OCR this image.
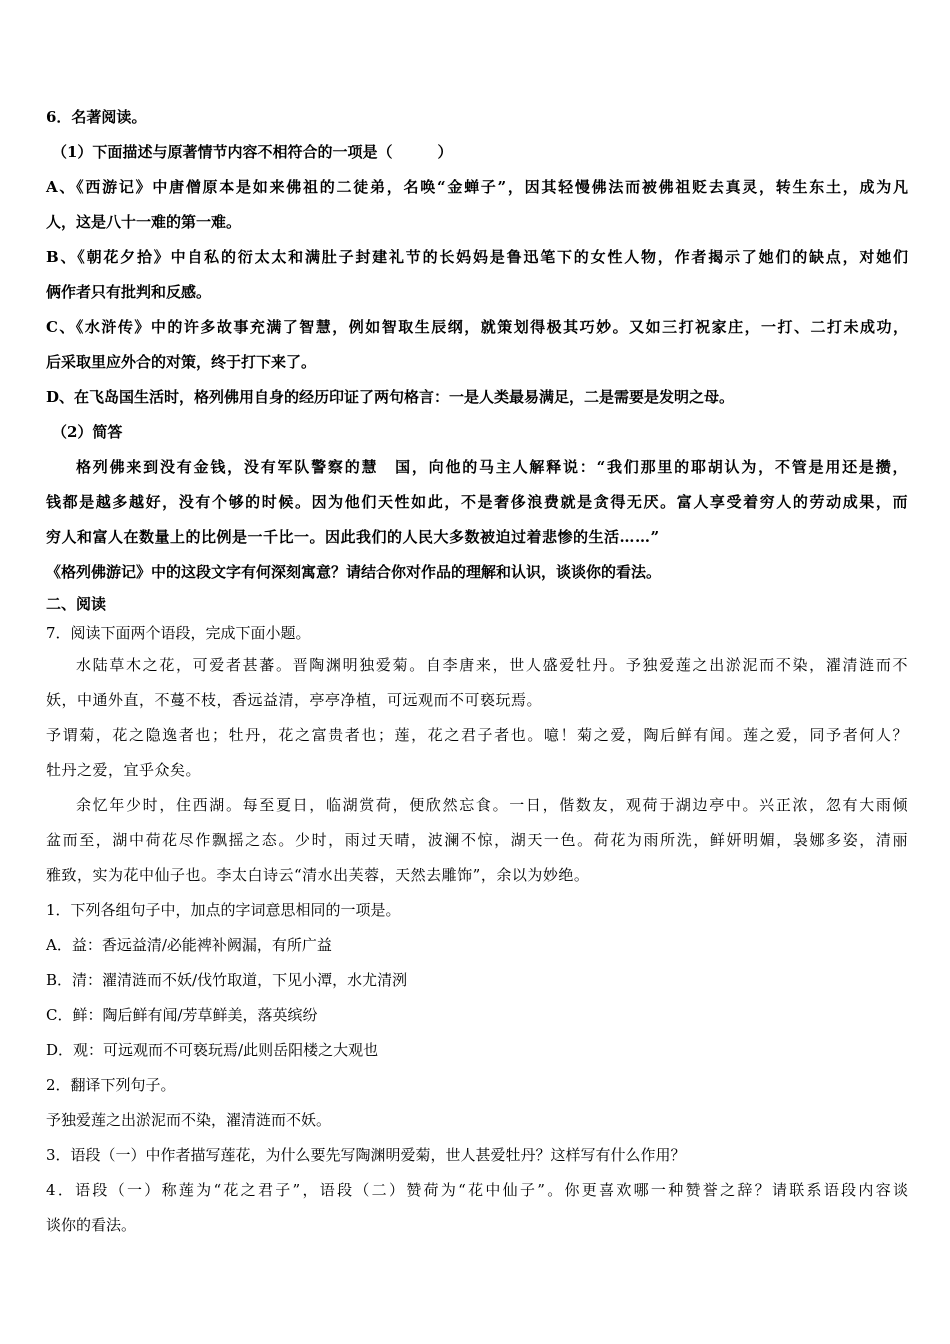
6．名著阅读。
（1）下面描述与原著情节内容不相符合的一项是（　　　）
A、《西游记》中唐僧原本是如来佛祖的二徒弟，名唤“金蝉子”，因其轻慢佛法而被佛祖贬去真灵，转生东土，成为凡
人，这是八十一难的第一难。
B、《朝花夕拾》中自私的衍太太和满肚子封建礼节的长妈妈是鲁迅笔下的女性人物，作者揭示了她们的缺点，对她们
俩作者只有批判和反感。
C、《水浒传》中的许多故事充满了智慧，例如智取生辰纲，就策划得极其巧妙。又如三打祝家庄，一打、二打未成功，
后采取里应外合的对策，终于打下来了。
D、在飞岛国生活时，格列佛用自身的经历印证了两句格言：一是人类最易满足，二是需要是发明之母。
（2）简答
格列佛来到没有金钱，没有军队警察的慧　国，向他的马主人解释说：“我们那里的耶胡认为，不管是用还是攒，
钱都是越多越好，没有个够的时候。因为他们天性如此，不是奢侈浪费就是贪得无厌。富人享受着穷人的劳动成果，而
穷人和富人在数量上的比例是一千比一。因此我们的人民大多数被迫过着悲惨的生活……”
《格列佛游记》中的这段文字有何深刻寓意？请结合你对作品的理解和认识，谈谈你的看法。
二、阅读
7．阅读下面两个语段，完成下面小题。
水陆草木之花，可爱者甚蕃。晋陶渊明独爱菊。自李唐来，世人盛爱牡丹。予独爱莲之出淤泥而不染，濯清涟而不
妖，中通外直，不蔓不枝，香远益清，亭亭净植，可远观而不可亵玩焉。
予谓菊，花之隐逸者也；牡丹，花之富贵者也；莲，花之君子者也。噫！菊之爱，陶后鲜有闻。莲之爱，同予者何人？
牡丹之爱，宜乎众矣。
余忆年少时，住西湖。每至夏日，临湖赏荷，便欣然忘食。一日，偕数友，观荷于湖边亭中。兴正浓，忽有大雨倾
盆而至，湖中荷花尽作飘摇之态。少时，雨过天晴，波澜不惊，湖天一色。荷花为雨所洗，鲜妍明媚，袅娜多姿，清丽
雅致，实为花中仙子也。李太白诗云“清水出芙蓉，天然去雕饰”，余以为妙绝。
1．下列各组句子中，加点的字词意思相同的一项是。
A．益：香远益清/必能裨补阙漏，有所广益
B．清：濯清涟而不妖/伐竹取道，下见小潭，水尤清洌
C．鲜：陶后鲜有闻/芳草鲜美，落英缤纷
D．观：可远观而不可亵玩焉/此则岳阳楼之大观也
2．翻译下列句子。
予独爱莲之出淤泥而不染，濯清涟而不妖。
3．语段（一）中作者描写莲花，为什么要先写陶渊明爱菊，世人甚爱牡丹？这样写有什么作用？
4．语段（一）称莲为“花之君子”，语段（二）赞荷为“花中仙子”。你更喜欢哪一种赞誉之辞？请联系语段内容谈
谈你的看法。
